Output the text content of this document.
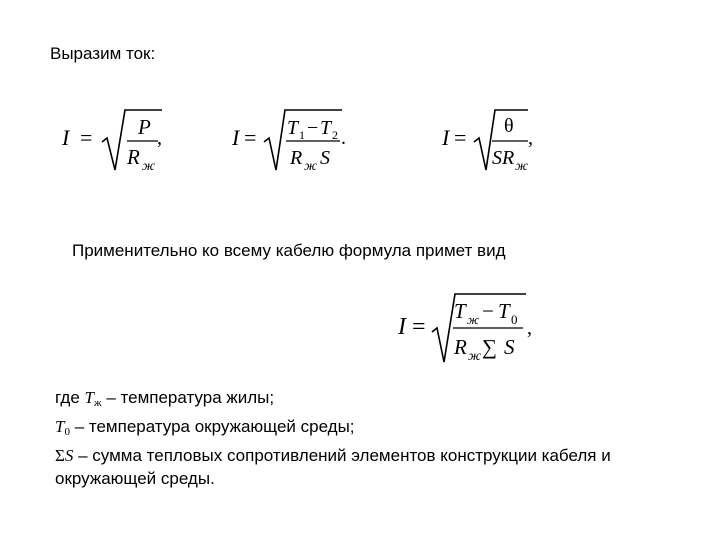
Выразим ток:
I = P
R ж
,	I = T 1 − T 2
R ж S
.	I = θ
SR ж
,
Применительно ко всему кабелю формула примет вид
I =
T ж − T 0
R ж ∑ S
,
где $T_ж$ – температура жилы;
$T_0$ – температура окружающей среды;
ΣS – сумма тепловых сопротивлений элементов конструкции кабеля и
окружающей среды.
